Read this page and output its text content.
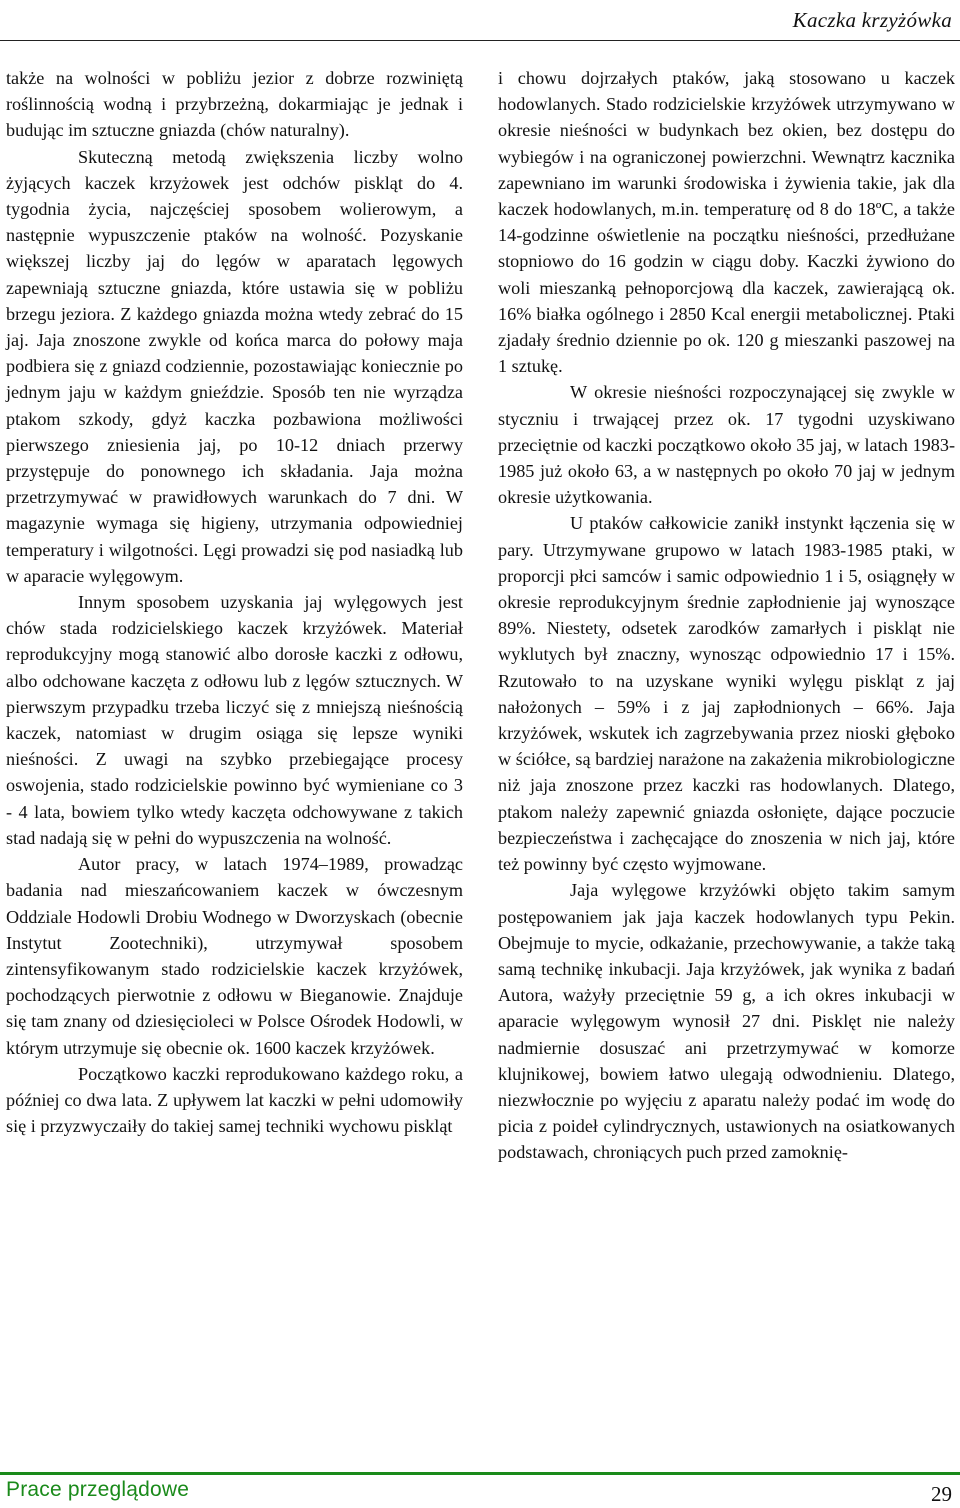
Kaczka krzyżówka

także na wolności w pobliżu jezior z dobrze rozwiniętą roślinnością wodną i przybrzeżną, dokarmiając je jednak i budując im sztuczne gniazda (chów naturalny).

Skuteczną metodą zwiększenia liczby wolno żyjących kaczek krzyżowek jest odchów piskląt do 4. tygodnia życia, najczęściej sposobem wolierowym, a następnie wypuszczenie ptaków na wolność. Pozyskanie większej liczby jaj do lęgów w aparatach lęgowych zapewniają sztuczne gniazda, które ustawia się w pobliżu brzegu jeziora. Z każdego gniazda można wtedy zebrać do 15 jaj. Jaja znoszone zwykle od końca marca do połowy maja podbiera się z gniazd codziennie, pozostawiając koniecznie po jednym jaju w każdym gnieździe. Sposób ten nie wyrządza ptakom szkody, gdyż kaczka pozbawiona możliwości pierwszego zniesienia jaj, po 10-12 dniach przerwy przystępuje do ponownego ich składania. Jaja można przetrzymywać w prawidłowych warunkach do 7 dni. W magazynie wymaga się higieny, utrzymania odpowiedniej temperatury i wilgotności. Lęgi prowadzi się pod nasiadką lub w aparacie wylęgowym.

Innym sposobem uzyskania jaj wylęgowych jest chów stada rodzicielskiego kaczek krzyżówek. Materiał reprodukcyjny mogą stanowić albo dorosłe kaczki z odłowu, albo odchowane kaczęta z odłowu lub z lęgów sztucznych. W pierwszym przypadku trzeba liczyć się z mniejszą nieśnością kaczek, natomiast w drugim osiąga się lepsze wyniki nieśności. Z uwagi na szybko przebiegające procesy oswojenia, stado rodzicielskie powinno być wymieniane co 3 - 4 lata, bowiem tylko wtedy kaczęta odchowywane z takich stad nadają się w pełni do wypuszczenia na wolność.

Autor pracy, w latach 1974–1989, prowadząc badania nad mieszańcowaniem kaczek w ówczesnym Oddziale Hodowli Drobiu Wodnego w Dworzyskach (obecnie Instytut Zootechniki), utrzymywał sposobem zintensyfikowanym stado rodzicielskie kaczek krzyżówek, pochodzących pierwotnie z odłowu w Bieganowie. Znajduje się tam znany od dziesięcioleci w Polsce Ośrodek Hodowli, w którym utrzymuje się obecnie ok. 1600 kaczek krzyżówek.

Początkowo kaczki reprodukowano każdego roku, a później co dwa lata. Z upływem lat kaczki w pełni udomowiły się i przyzwyczaiły do takiej samej techniki wychowu piskląt

i chowu dojrzałych ptaków, jaką stosowano u kaczek hodowlanych. Stado rodzicielskie krzyżówek utrzymywano w okresie nieśności w budynkach bez okien, bez dostępu do wybiegów i na ograniczonej powierzchni. Wewnątrz kacznika zapewniano im warunki środowiska i żywienia takie, jak dla kaczek hodowlanych, m.in. temperaturę od 8 do 18ºC, a także 14-godzinne oświetlenie na początku nieśności, przedłużane stopniowo do 16 godzin w ciągu doby. Kaczki żywiono do woli mieszanką pełnoporcjową dla kaczek, zawierającą ok. 16% białka ogólnego i 2850 Kcal energii metabolicznej. Ptaki zjadały średnio dziennie po ok. 120 g mieszanki paszowej na 1 sztukę.

W okresie nieśności rozpoczynającej się zwykle w styczniu i trwającej przez ok. 17 tygodni uzyskiwano przeciętnie od kaczki początkowo około 35 jaj, w latach 1983-1985 już około 63, a w następnych po około 70 jaj w jednym okresie użytkowania.

U ptaków całkowicie zanikł instynkt łączenia się w pary. Utrzymywane grupowo w latach 1983-1985 ptaki, w proporcji płci samców i samic odpowiednio 1 i 5, osiągnęły w okresie reprodukcyjnym średnie zapłodnienie jaj wynoszące 89%. Niestety, odsetek zarodków zamarłych i piskląt nie wyklutych był znaczny, wynosząc odpowiednio 17 i 15%. Rzutowało to na uzyskane wyniki wylęgu piskląt z jaj nałożonych – 59% i z jaj zapłodnionych – 66%. Jaja krzyżówek, wskutek ich zagrzebywania przez nioski głęboko w ściółce, są bardziej narażone na zakażenia mikrobiologiczne niż jaja znoszone przez kaczki ras hodowlanych. Dlatego, ptakom należy zapewnić gniazda osłonięte, dające poczucie bezpieczeństwa i zachęcające do znoszenia w nich jaj, które też powinny być często wyjmowane.

Jaja wylęgowe krzyżówki objęto takim samym postępowaniem jak jaja kaczek hodowlanych typu Pekin. Obejmuje to mycie, odkażanie, przechowywanie, a także taką samą technikę inkubacji. Jaja krzyżówek, jak wynika z badań Autora, ważyły przeciętnie 59 g, a ich okres inkubacji w aparacie wylęgowym wynosił 27 dni. Pisklęt nie należy nadmiernie dosuszać ani przetrzymywać w komorze klujnikowej, bowiem łatwo ulegają odwodnieniu. Dlatego, niezwłocznie po wyjęciu z aparatu należy podać im wodę do picia z poideł cylindrycznych, ustawionych na osiatkowanych podstawach, chroniących puch przed zamoknię-

Prace przeglądowe	29
